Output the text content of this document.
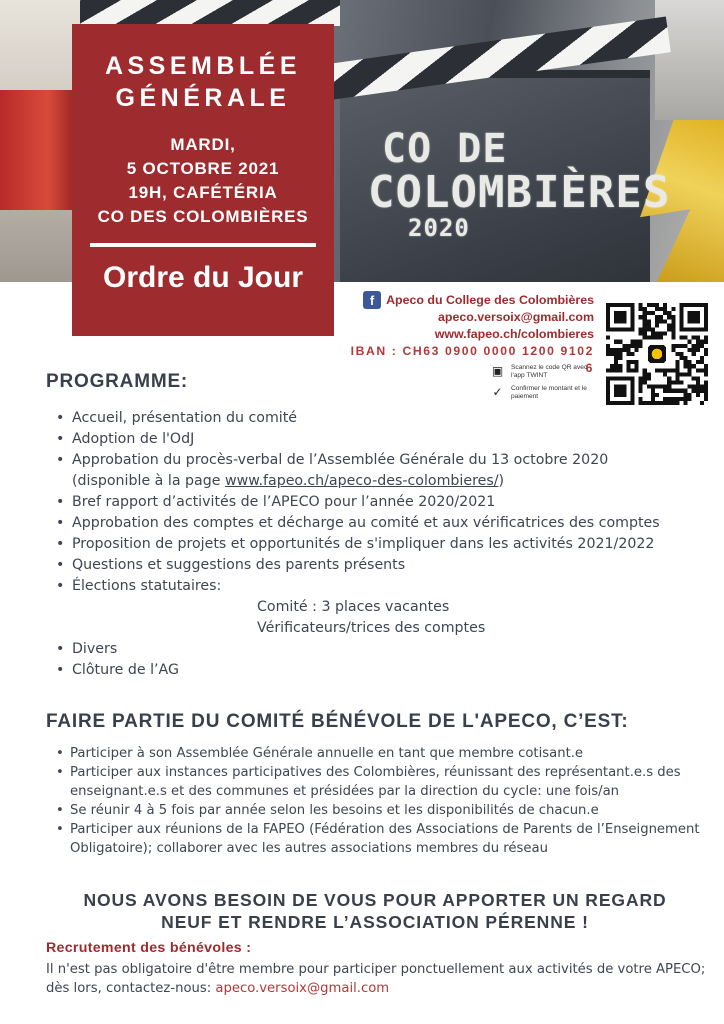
CO DE
COLOMBIÈRES
2020
ASSEMBLÉE
GÉNÉRALE
MARDI,
5 OCTOBRE 2021
19H, CAFÉTÉRIA
CO DES COLOMBIÈRES
Ordre du Jour
f Apeco du College des Colombières
apeco.versoix@gmail.com
www.fapeo.ch/colombieres
IBAN : CH63 0900 0000 1200 9102 6
▣ Scannez le code QR avec l'app TWINT
✓	Confirmer le montant et le paiement
PROGRAMME:
• Accueil, présentation du comité
• Adoption de l'OdJ
• Approbation du procès-verbal de l’Assemblée Générale du 13 octobre 2020
(disponible à la page www.fapeo.ch/apeco-des-colombieres/)
• Bref rapport d’activités de l’APECO pour l’année 2020/2021
• Approbation des comptes et décharge au comité et aux vérificatrices des comptes
• Proposition de projets et opportunités de s'impliquer dans les activités 2021/2022
• Questions et suggestions des parents présents
• Élections statutaires:
Comité : 3 places vacantes
Vérificateurs/trices des comptes
• Divers
• Clôture de l’AG
FAIRE PARTIE DU COMITÉ BÉNÉVOLE DE L'APECO, C’EST:
• Participer à son Assemblée Générale annuelle en tant que membre cotisant.e
• Participer aux instances participatives des Colombières, réunissant des représentant.e.s des enseignant.e.s et des communes et présidées par la direction du cycle: une fois/an
• Se réunir 4 à 5 fois par année selon les besoins et les disponibilités de chacun.e
• Participer aux réunions de la FAPEO (Fédération des Associations de Parents de l’Enseignement Obligatoire); collaborer avec les autres associations membres du réseau
NOUS AVONS BESOIN DE VOUS POUR APPORTER UN REGARD
NEUF ET RENDRE L’ASSOCIATION PÉRENNE !
Recrutement des bénévoles :

Il n'est pas obligatoire d'être membre pour participer ponctuellement aux activités de votre APECO; dès lors, contactez-nous: apeco.versoix@gmail.com
